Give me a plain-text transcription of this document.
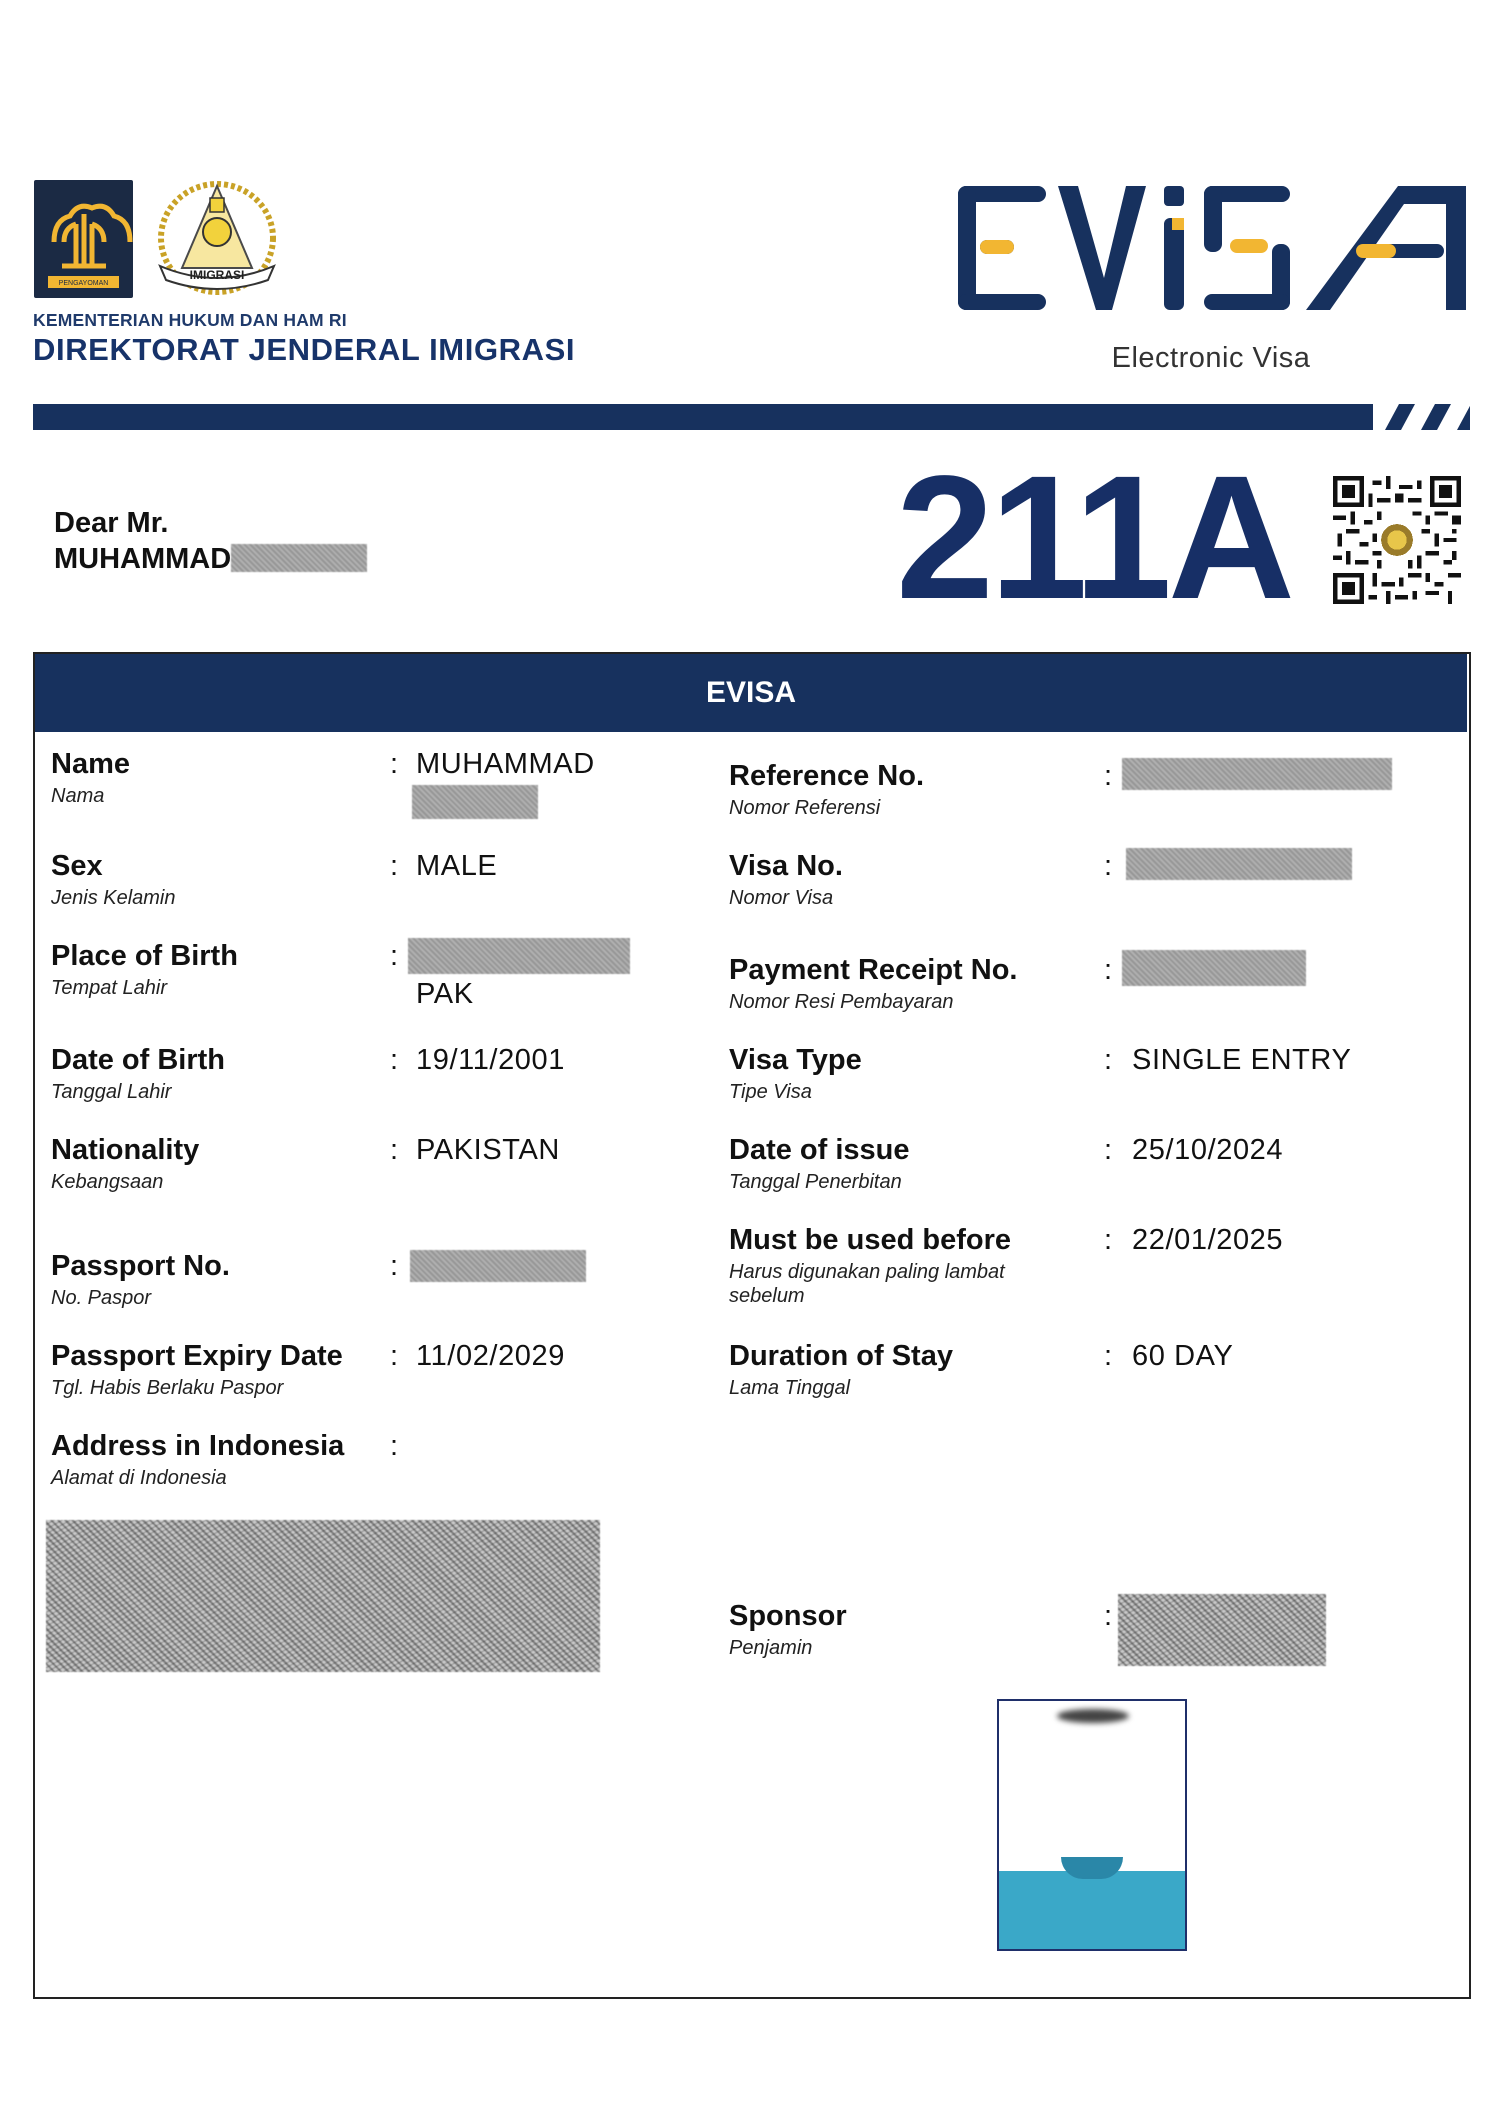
PENGAYOMAN
IMIGRASI
KEMENTERIAN HUKUM DAN HAM RI
DIREKTORAT JENDERAL IMIGRASI	Electronic Visa
Dear Mr.
MUHAMMAD	211A
EVISA
Name
Nama
: MUHAMMAD
Sex
Jenis Kelamin
: MALE
Place of Birth
Tempat Lahir
:
PAK
Date of Birth
Tanggal Lahir
: 19/11/2001
Nationality
Kebangsaan
: PAKISTAN
Passport No.
No. Paspor
:
Passport Expiry Date
Tgl. Habis Berlaku Paspor
: 11/02/2029
Address in Indonesia
Alamat di Indonesia
:
Reference No.
Nomor Referensi
:
Visa No.
Nomor Visa
:
Payment Receipt No.
Nomor Resi Pembayaran
:
Visa Type
Tipe Visa
: SINGLE ENTRY
Date of issue
Tanggal Penerbitan
: 25/10/2024
Must be used before
Harus digunakan paling lambat
sebelum
: 22/01/2025
Duration of Stay
Lama Tinggal
: 60 DAY
Sponsor
Penjamin
:
